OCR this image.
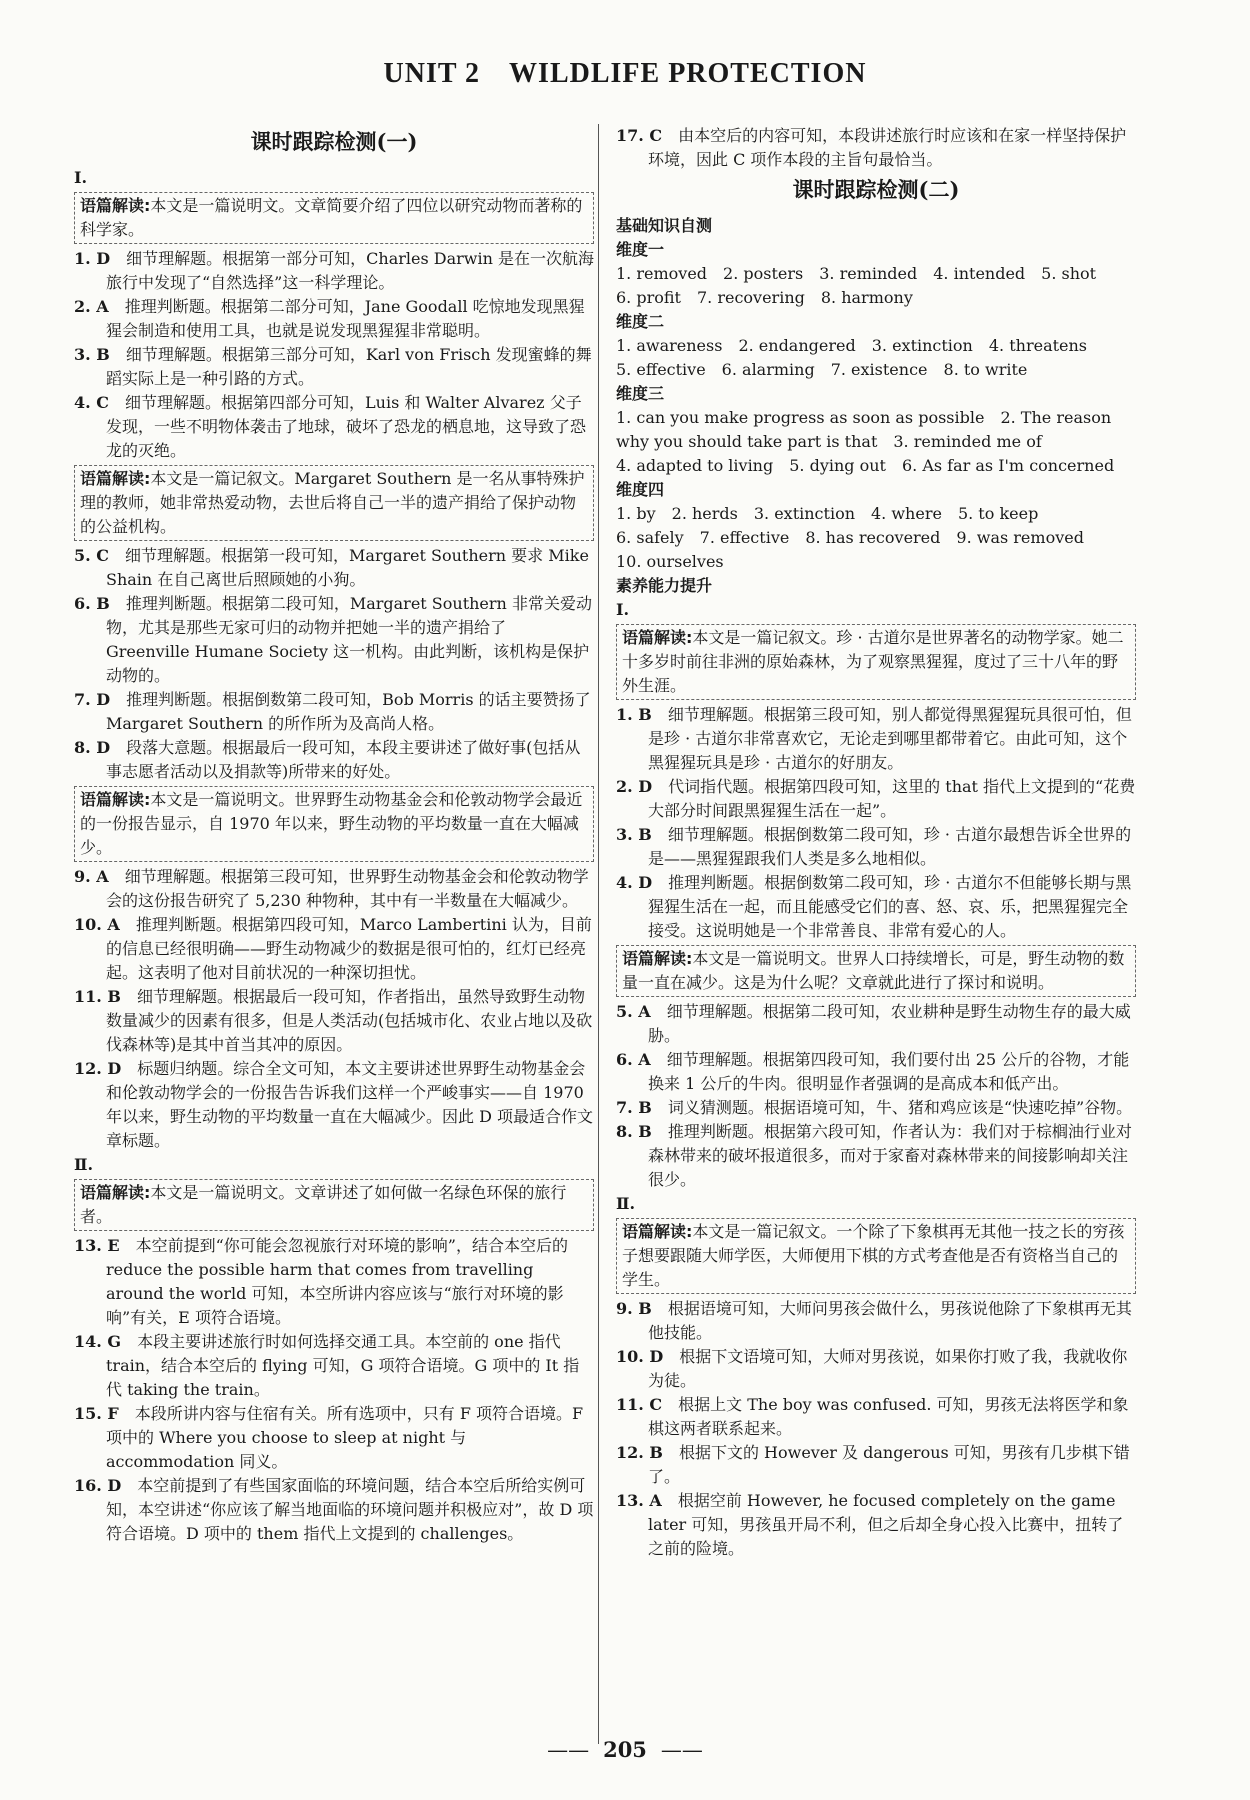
UNIT 2　WILDLIFE PROTECTION
课时跟踪检测(一)

Ⅰ.

语篇解读:本文是一篇说明文。文章简要介绍了四位以研究动物而著称的科学家。

1. D　 细节理解题。根据第一部分可知，Charles Darwin 是在一次航海旅行中发现了“自然选择”这一科学理论。

2. A　 推理判断题。根据第二部分可知，Jane Goodall 吃惊地发现黑猩猩会制造和使用工具，也就是说发现黑猩猩非常聪明。

3. B　 细节理解题。根据第三部分可知，Karl von Frisch 发现蜜蜂的舞蹈实际上是一种引路的方式。

4. C　 细节理解题。根据第四部分可知，Luis 和 Walter Alvarez 父子发现，一些不明物体袭击了地球，破坏了恐龙的栖息地，这导致了恐龙的灭绝。

语篇解读:本文是一篇记叙文。Margaret Southern 是一名从事特殊护理的教师，她非常热爱动物，去世后将自己一半的遗产捐给了保护动物的公益机构。

5. C　 细节理解题。根据第一段可知，Margaret Southern 要求 Mike Shain 在自己离世后照顾她的小狗。

6. B　 推理判断题。根据第二段可知，Margaret Southern 非常关爱动物，尤其是那些无家可归的动物并把她一半的遗产捐给了 Greenville Humane Society 这一机构。由此判断，该机构是保护动物的。

7. D　 推理判断题。根据倒数第二段可知，Bob Morris 的话主要赞扬了 Margaret Southern 的所作所为及高尚人格。

8. D　 段落大意题。根据最后一段可知，本段主要讲述了做好事(包括从事志愿者活动以及捐款等)所带来的好处。

语篇解读:本文是一篇说明文。世界野生动物基金会和伦敦动物学会最近的一份报告显示，自 1970 年以来，野生动物的平均数量一直在大幅减少。

9. A　 细节理解题。根据第三段可知，世界野生动物基金会和伦敦动物学会的这份报告研究了 5,230 种物种，其中有一半数量在大幅减少。

10. A　 推理判断题。根据第四段可知，Marco Lambertini 认为，目前的信息已经很明确——野生动物减少的数据是很可怕的，红灯已经亮起。这表明了他对目前状况的一种深切担忧。

11. B　 细节理解题。根据最后一段可知，作者指出，虽然导致野生动物数量减少的因素有很多，但是人类活动(包括城市化、农业占地以及砍伐森林等)是其中首当其冲的原因。

12. D　 标题归纳题。综合全文可知，本文主要讲述世界野生动物基金会和伦敦动物学会的一份报告告诉我们这样一个严峻事实——自 1970 年以来，野生动物的平均数量一直在大幅减少。因此 D 项最适合作文章标题。

Ⅱ.

语篇解读:本文是一篇说明文。文章讲述了如何做一名绿色环保的旅行者。

13. E　 本空前提到“你可能会忽视旅行对环境的影响”，结合本空后的 reduce the possible harm that comes from travelling around the world 可知，本空所讲内容应该与“旅行对环境的影响”有关，E 项符合语境。

14. G　 本段主要讲述旅行时如何选择交通工具。本空前的 one 指代 train，结合本空后的 flying 可知，G 项符合语境。G 项中的 It 指代 taking the train。

15. F　 本段所讲内容与住宿有关。所有选项中，只有 F 项符合语境。F 项中的 Where you choose to sleep at night 与 accommodation 同义。

16. D　 本空前提到了有些国家面临的环境问题，结合本空后所给实例可知，本空讲述“你应该了解当地面临的环境问题并积极应对”，故 D 项符合语境。D 项中的 them 指代上文提到的 challenges。

17. C　 由本空后的内容可知，本段讲述旅行时应该和在家一样坚持保护环境，因此 C 项作本段的主旨句最恰当。

课时跟踪检测(二)

基础知识自测

维度一

1. removed　2. posters　3. reminded　4. intended　5. shot

6. profit　7. recovering　8. harmony

维度二

1. awareness　2. endangered　3. extinction　4. threatens

5. effective　6. alarming　7. existence　8. to write

维度三

1. can you make progress as soon as possible　2. The reason why you should take part is that　3. reminded me of

4. adapted to living　5. dying out　6. As far as I'm concerned

维度四

1. by　2. herds　3. extinction　4. where　5. to keep

6. safely　7. effective　8. has recovered　9. was removed

10. ourselves

素养能力提升

Ⅰ.

语篇解读:本文是一篇记叙文。珍 · 古道尔是世界著名的动物学家。她二十多岁时前往非洲的原始森林，为了观察黑猩猩，度过了三十八年的野外生涯。

1. B　 细节理解题。根据第三段可知，别人都觉得黑猩猩玩具很可怕，但是珍 · 古道尔非常喜欢它，无论走到哪里都带着它。由此可知，这个黑猩猩玩具是珍 · 古道尔的好朋友。

2. D　 代词指代题。根据第四段可知，这里的 that 指代上文提到的“花费大部分时间跟黑猩猩生活在一起”。

3. B　 细节理解题。根据倒数第二段可知，珍 · 古道尔最想告诉全世界的是——黑猩猩跟我们人类是多么地相似。

4. D　 推理判断题。根据倒数第二段可知，珍 · 古道尔不但能够长期与黑猩猩生活在一起，而且能感受它们的喜、怒、哀、乐，把黑猩猩完全接受。这说明她是一个非常善良、非常有爱心的人。

语篇解读:本文是一篇说明文。世界人口持续增长，可是，野生动物的数量一直在减少。这是为什么呢？文章就此进行了探讨和说明。

5. A　 细节理解题。根据第二段可知，农业耕种是野生动物生存的最大威胁。

6. A　 细节理解题。根据第四段可知，我们要付出 25 公斤的谷物，才能换来 1 公斤的牛肉。很明显作者强调的是高成本和低产出。

7. B　 词义猜测题。根据语境可知，牛、猪和鸡应该是“快速吃掉”谷物。

8. B　 推理判断题。根据第六段可知，作者认为：我们对于棕榈油行业对森林带来的破坏报道很多，而对于家畜对森林带来的间接影响却关注很少。

Ⅱ.

语篇解读:本文是一篇记叙文。一个除了下象棋再无其他一技之长的穷孩子想要跟随大师学医，大师便用下棋的方式考查他是否有资格当自己的学生。

9. B　 根据语境可知，大师问男孩会做什么，男孩说他除了下象棋再无其他技能。

10. D　 根据下文语境可知，大师对男孩说，如果你打败了我，我就收你为徒。

11. C　 根据上文 The boy was confused. 可知，男孩无法将医学和象棋这两者联系起来。

12. B　 根据下文的 However 及 dangerous 可知，男孩有几步棋下错了。

13. A　 根据空前 However, he focused completely on the game later 可知，男孩虽开局不利，但之后却全身心投入比赛中，扭转了之前的险境。

—— 205 ——
